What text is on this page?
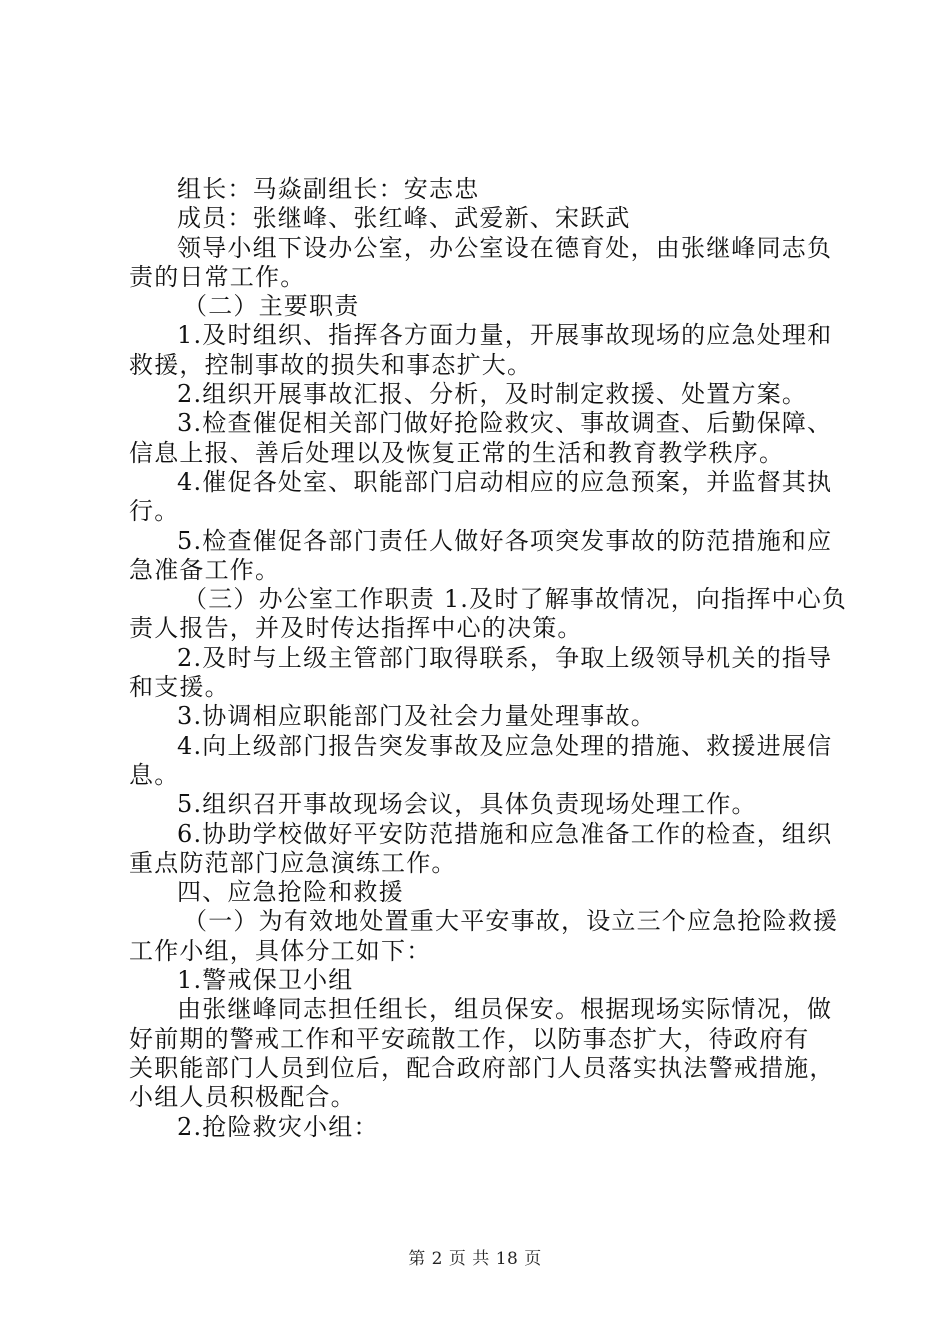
组长：马焱副组长：安志忠
成员：张继峰、张红峰、武爱新、宋跃武
领导小组下设办公室，办公室设在德育处，由张继峰同志负
责的日常工作。
（二）主要职责
1.及时组织、指挥各方面力量，开展事故现场的应急处理和
救援，控制事故的损失和事态扩大。
2.组织开展事故汇报、分析，及时制定救援、处置方案。
3.检查催促相关部门做好抢险救灾、事故调查、后勤保障、
信息上报、善后处理以及恢复正常的生活和教育教学秩序。
4.催促各处室、职能部门启动相应的应急预案，并监督其执
行。
5.检查催促各部门责任人做好各项突发事故的防范措施和应
急准备工作。
（三）办公室工作职责 1.及时了解事故情况，向指挥中心负
责人报告，并及时传达指挥中心的决策。
2.及时与上级主管部门取得联系，争取上级领导机关的指导
和支援。
3.协调相应职能部门及社会力量处理事故。
4.向上级部门报告突发事故及应急处理的措施、救援进展信
息。
5.组织召开事故现场会议，具体负责现场处理工作。
6.协助学校做好平安防范措施和应急准备工作的检查，组织
重点防范部门应急演练工作。
四、应急抢险和救援
（一）为有效地处置重大平安事故，设立三个应急抢险救援
工作小组，具体分工如下：
1.警戒保卫小组
由张继峰同志担任组长，组员保安。根据现场实际情况，做
好前期的警戒工作和平安疏散工作，以防事态扩大，待政府有
关职能部门人员到位后，配合政府部门人员落实执法警戒措施，
小组人员积极配合。
2.抢险救灾小组：
第 2 页 共 18 页
